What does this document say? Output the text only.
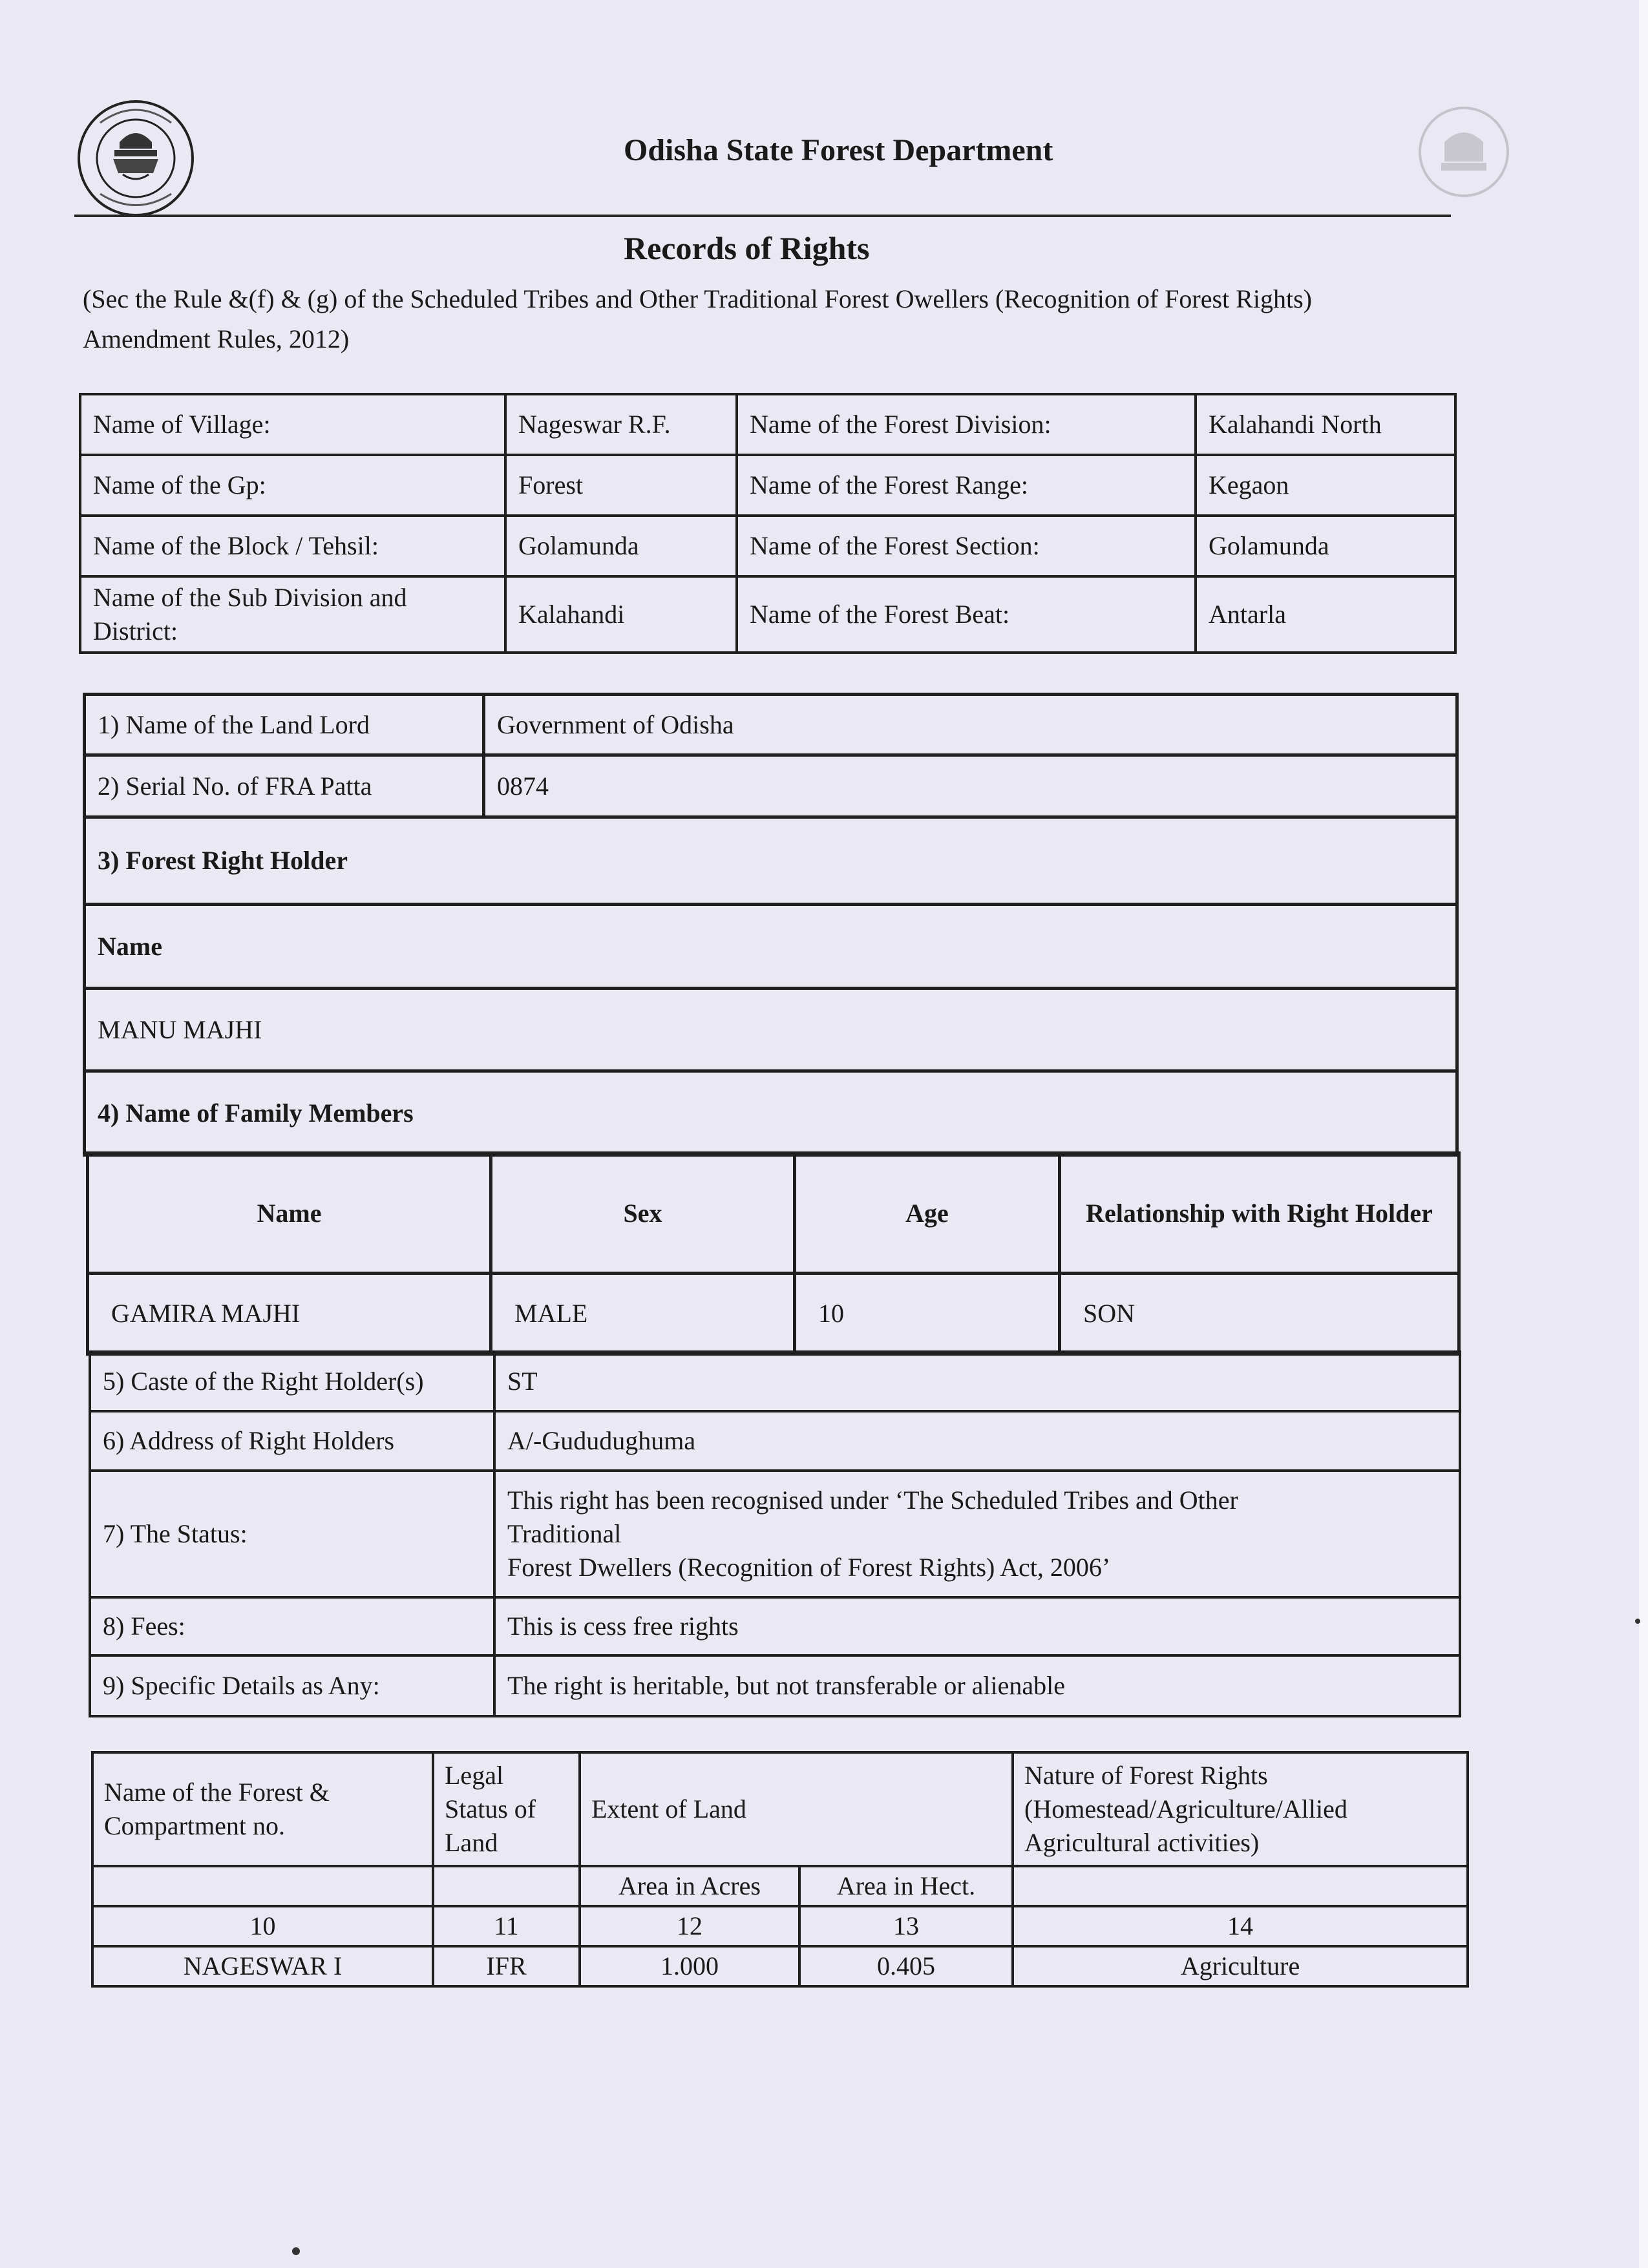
Odisha State Forest Department
Records of Rights
(Sec the Rule &(f) & (g) of the Scheduled Tribes and Other Traditional Forest Owellers (Recognition of Forest Rights) Amendment Rules, 2012)
Name of Village:	Nageswar R.F.	Name of the Forest Division:	Kalahandi North
Name of the Gp:	Forest	Name of the Forest Range:	Kegaon
Name of the Block / Tehsil:	Golamunda	Name of the Forest Section:	Golamunda
Name of the Sub Division and District:	Kalahandi	Name of the Forest Beat:	Antarla
1) Name of the Land Lord	Government of Odisha
2) Serial No. of FRA Patta	0874
3) Forest Right Holder	
Name	
MANU MAJHI	
4) Name of Family Members	
Name	Sex	Age	Relationship with Right Holder
GAMIRA MAJHI	MALE	10	SON
5) Caste of the Right Holder(s)	ST
6) Address of Right Holders	A/-Gududughuma
7) The Status:	This right has been recognised under ‘The Scheduled Tribes and Other
Traditional
Forest Dwellers (Recognition of Forest Rights) Act, 2006’

8) Fees:	This is cess free rights
9) Specific Details as Any:	The right is heritable, but not transferable or alienable
Name of the Forest & Compartment no.	Legal Status of Land	Extent of Land		Nature of Forest Rights (Homestead/Agriculture/Allied Agricultural activities)
		Area in Acres	Area in Hect.	
10	11	12	13	14
NAGESWAR I	IFR	1.000	0.405	Agriculture
